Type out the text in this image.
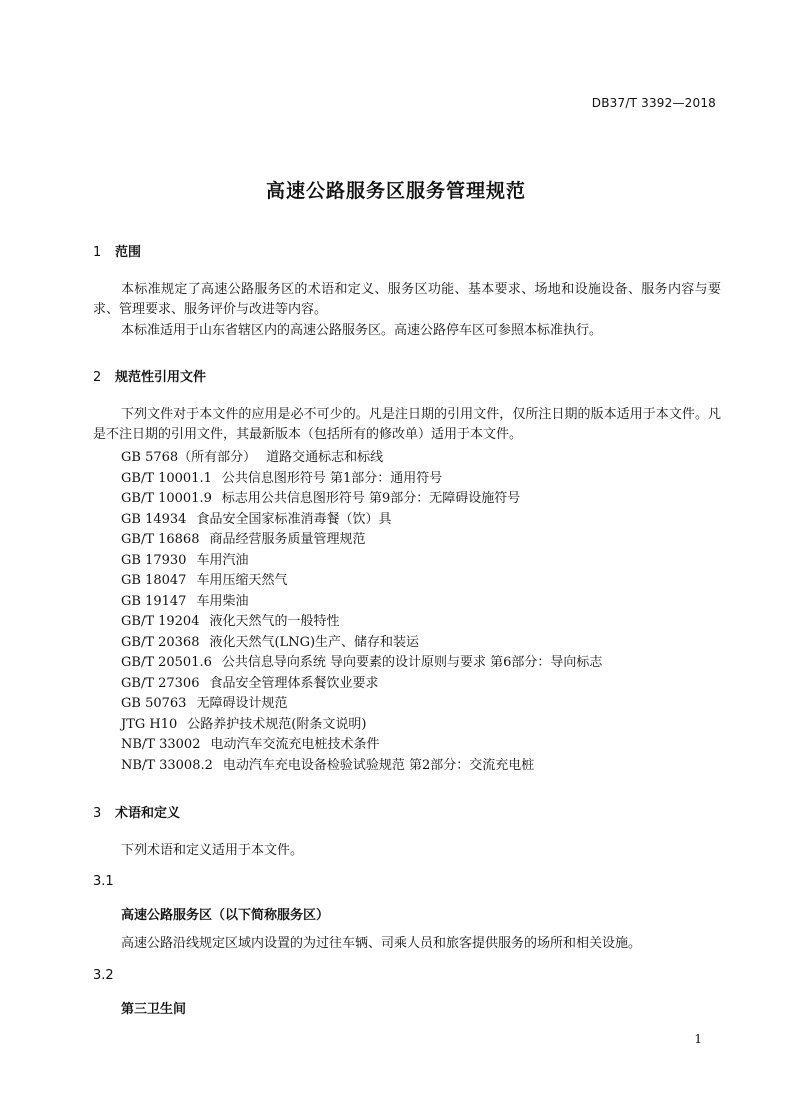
DB37/T 3392—2018
高速公路服务区服务管理规范
1 范围
本标准规定了高速公路服务区的术语和定义、服务区功能、基本要求、场地和设施设备、服务内容与要求、管理要求、服务评价与改进等内容。
本标准适用于山东省辖区内的高速公路服务区。高速公路停车区可参照本标准执行。
2 规范性引用文件
下列文件对于本文件的应用是必不可少的。凡是注日期的引用文件，仅所注日期的版本适用于本文件。凡是不注日期的引用文件，其最新版本（包括所有的修改单）适用于本文件。
GB 5768（所有部分） 道路交通标志和标线
GB/T 10001.1 公共信息图形符号 第1部分：通用符号
GB/T 10001.9 标志用公共信息图形符号 第9部分：无障碍设施符号
GB 14934 食品安全国家标准消毒餐（饮）具
GB/T 16868 商品经营服务质量管理规范
GB 17930 车用汽油
GB 18047 车用压缩天然气
GB 19147 车用柴油
GB/T 19204 液化天然气的一般特性
GB/T 20368 液化天然气(LNG)生产、储存和装运
GB/T 20501.6 公共信息导向系统 导向要素的设计原则与要求 第6部分：导向标志
GB/T 27306 食品安全管理体系餐饮业要求
GB 50763 无障碍设计规范
JTG H10 公路养护技术规范(附条文说明)
NB/T 33002 电动汽车交流充电桩技术条件
NB/T 33008.2 电动汽车充电设备检验试验规范 第2部分：交流充电桩
3 术语和定义
下列术语和定义适用于本文件。
3.1
高速公路服务区（以下简称服务区）
高速公路沿线规定区域内设置的为过往车辆、司乘人员和旅客提供服务的场所和相关设施。
3.2
第三卫生间
1
